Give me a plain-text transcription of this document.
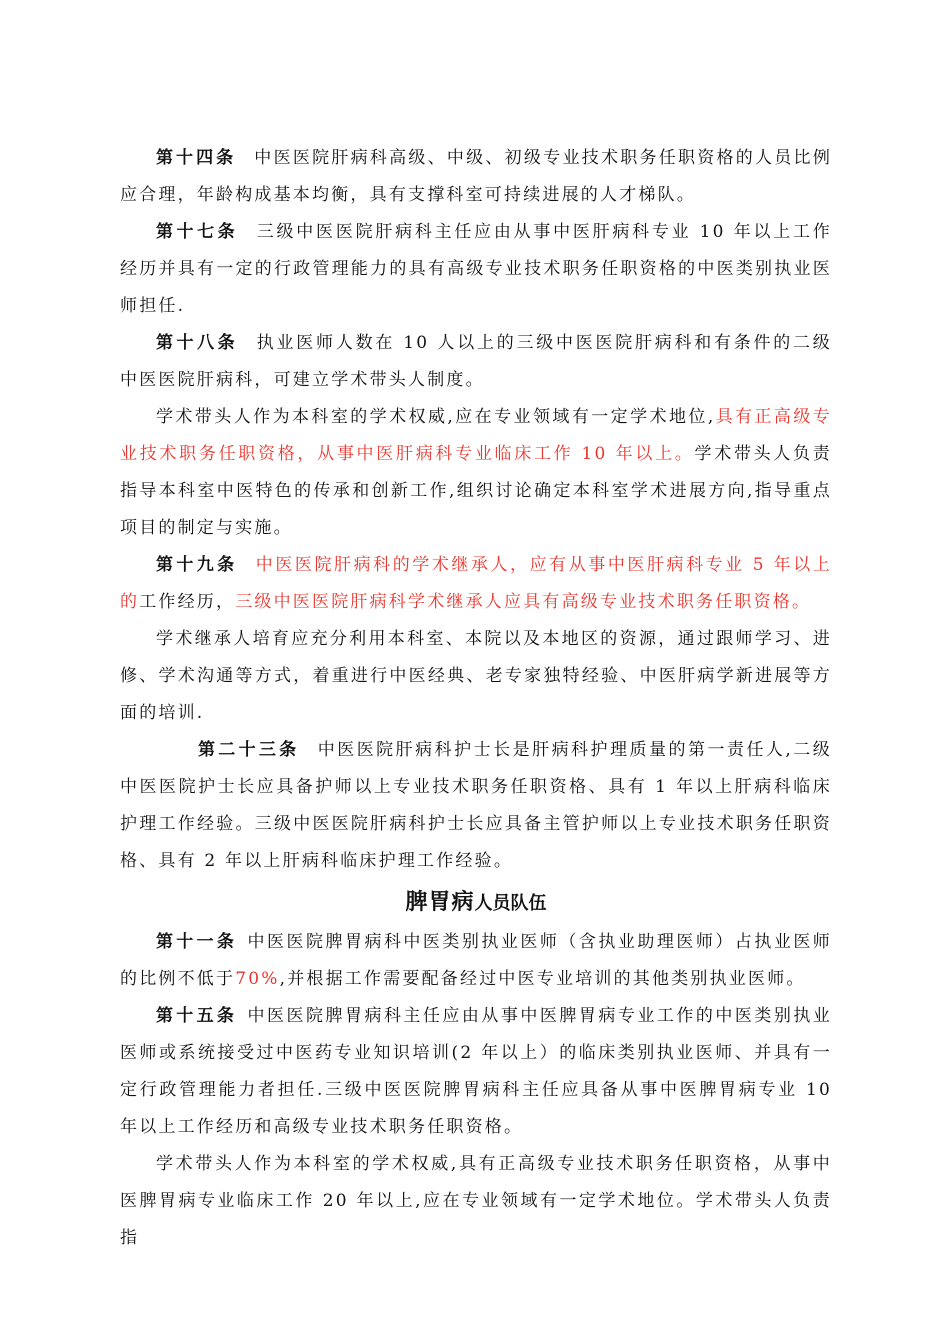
第十四条 中医医院肝病科高级、中级、初级专业技术职务任职资格的人员比例应合理，年龄构成基本均衡，具有支撑科室可持续进展的人才梯队。

第十七条 三级中医医院肝病科主任应由从事中医肝病科专业 10 年以上工作经历并具有一定的行政管理能力的具有高级专业技术职务任职资格的中医类别执业医师担任.

第十八条 执业医师人数在 10 人以上的三级中医医院肝病科和有条件的二级中医医院肝病科，可建立学术带头人制度。

学术带头人作为本科室的学术权威,应在专业领域有一定学术地位,具有正高级专业技术职务任职资格，从事中医肝病科专业临床工作 10 年以上。学术带头人负责指导本科室中医特色的传承和创新工作,组织讨论确定本科室学术进展方向,指导重点项目的制定与实施。

第十九条 中医医院肝病科的学术继承人，应有从事中医肝病科专业 5 年以上的工作经历，三级中医医院肝病科学术继承人应具有高级专业技术职务任职资格。

学术继承人培育应充分利用本科室、本院以及本地区的资源，通过跟师学习、进修、学术沟通等方式，着重进行中医经典、老专家独特经验、中医肝病学新进展等方面的培训.

第二十三条 中医医院肝病科护士长是肝病科护理质量的第一责任人,二级中医医院护士长应具备护师以上专业技术职务任职资格、具有 1 年以上肝病科临床护理工作经验。三级中医医院肝病科护士长应具备主管护师以上专业技术职务任职资格、具有 2 年以上肝病科临床护理工作经验。

脾胃病人员队伍

第十一条 中医医院脾胃病科中医类别执业医师（含执业助理医师）占执业医师的比例不低于70%,并根据工作需要配备经过中医专业培训的其他类别执业医师。

第十五条 中医医院脾胃病科主任应由从事中医脾胃病专业工作的中医类别执业医师或系统接受过中医药专业知识培训(2 年以上）的临床类别执业医师、并具有一定行政管理能力者担任.三级中医医院脾胃病科主任应具备从事中医脾胃病专业 10 年以上工作经历和高级专业技术职务任职资格。

学术带头人作为本科室的学术权威,具有正高级专业技术职务任职资格，从事中医脾胃病专业临床工作 20 年以上,应在专业领域有一定学术地位。学术带头人负责指
